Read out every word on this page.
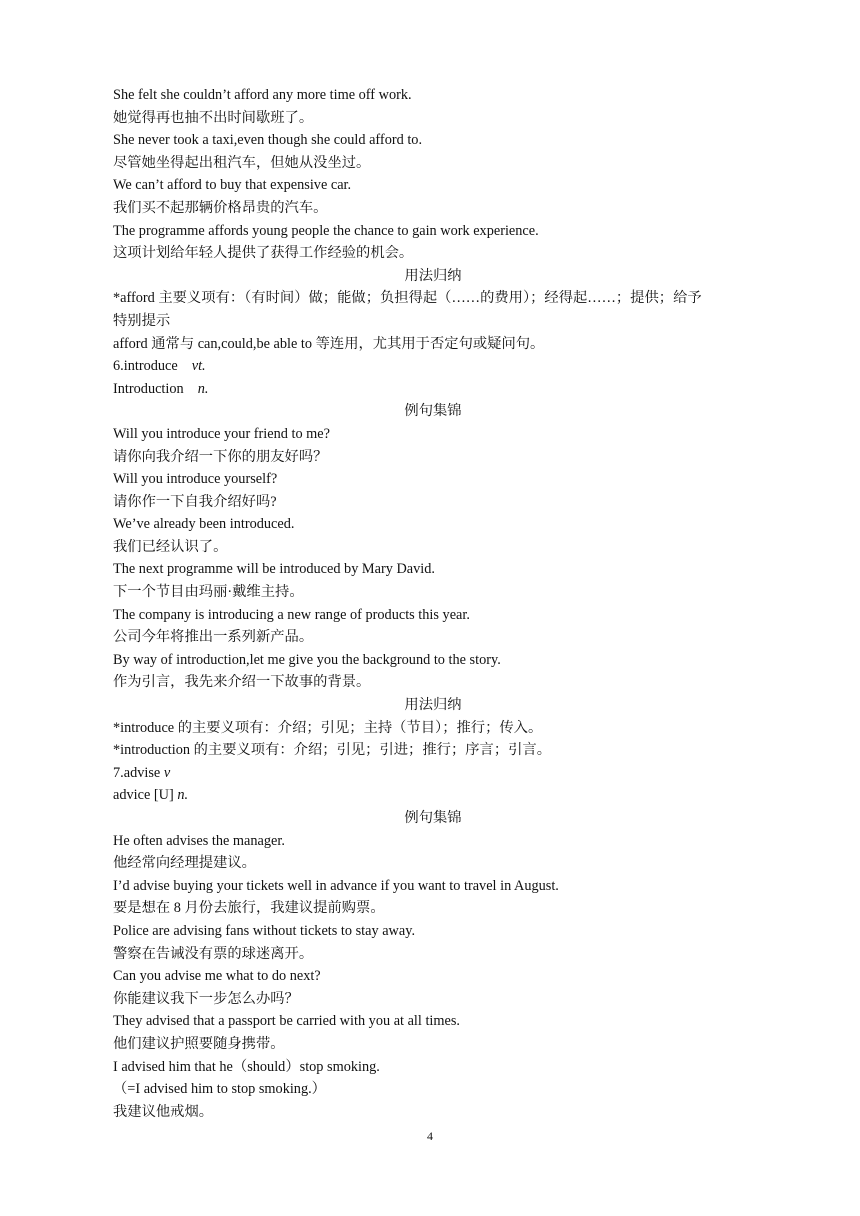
She felt she couldn’t afford any more time off work.
她觉得再也抽不出时间歇班了。
She never took a taxi,even though she could afford to.
尽管她坐得起出租汽车，但她从没坐过。
We can’t afford to buy that expensive car.
我们买不起那辆价格昂贵的汽车。
The programme affords young people the chance to gain work experience.
这项计划给年轻人提供了获得工作经验的机会。
用法归纳
*afford 主要义项有：（有时间）做；能做；负担得起（……的费用）；经得起……；提供；给予
特别提示
afford 通常与 can,could,be able to 等连用，尤其用于否定句或疑问句。
6.introduce vt.
Introduction n.
例句集锦
Will you introduce your friend to me?
请你向我介绍一下你的朋友好吗？
Will you introduce yourself?
请你作一下自我介绍好吗?
We’ve already been introduced.
我们已经认识了。
The next programme will be introduced by Mary David.
下一个节目由玛丽·戴维主持。
The company is introducing a new range of products this year.
公司今年将推出一系列新产品。
By way of introduction,let me give you the background to the story.
作为引言，我先来介绍一下故事的背景。
用法归纳
*introduce 的主要义项有：介绍；引见；主持（节目）；推行；传入。
*introduction 的主要义项有：介绍；引见；引进；推行；序言；引言。
7.advise v
advice [U] n.
例句集锦
He often advises the manager.
他经常向经理提建议。
I’d advise buying your tickets well in advance if you want to travel in August.
要是想在 8 月份去旅行，我建议提前购票。
Police are advising fans without tickets to stay away.
警察在告诫没有票的球迷离开。
Can you advise me what to do next?
你能建议我下一步怎么办吗？
They advised that a passport be carried with you at all times.
他们建议护照要随身携带。
I advised him that he（should）stop smoking.
（=I advised him to stop smoking.）
我建议他戒烟。
4
